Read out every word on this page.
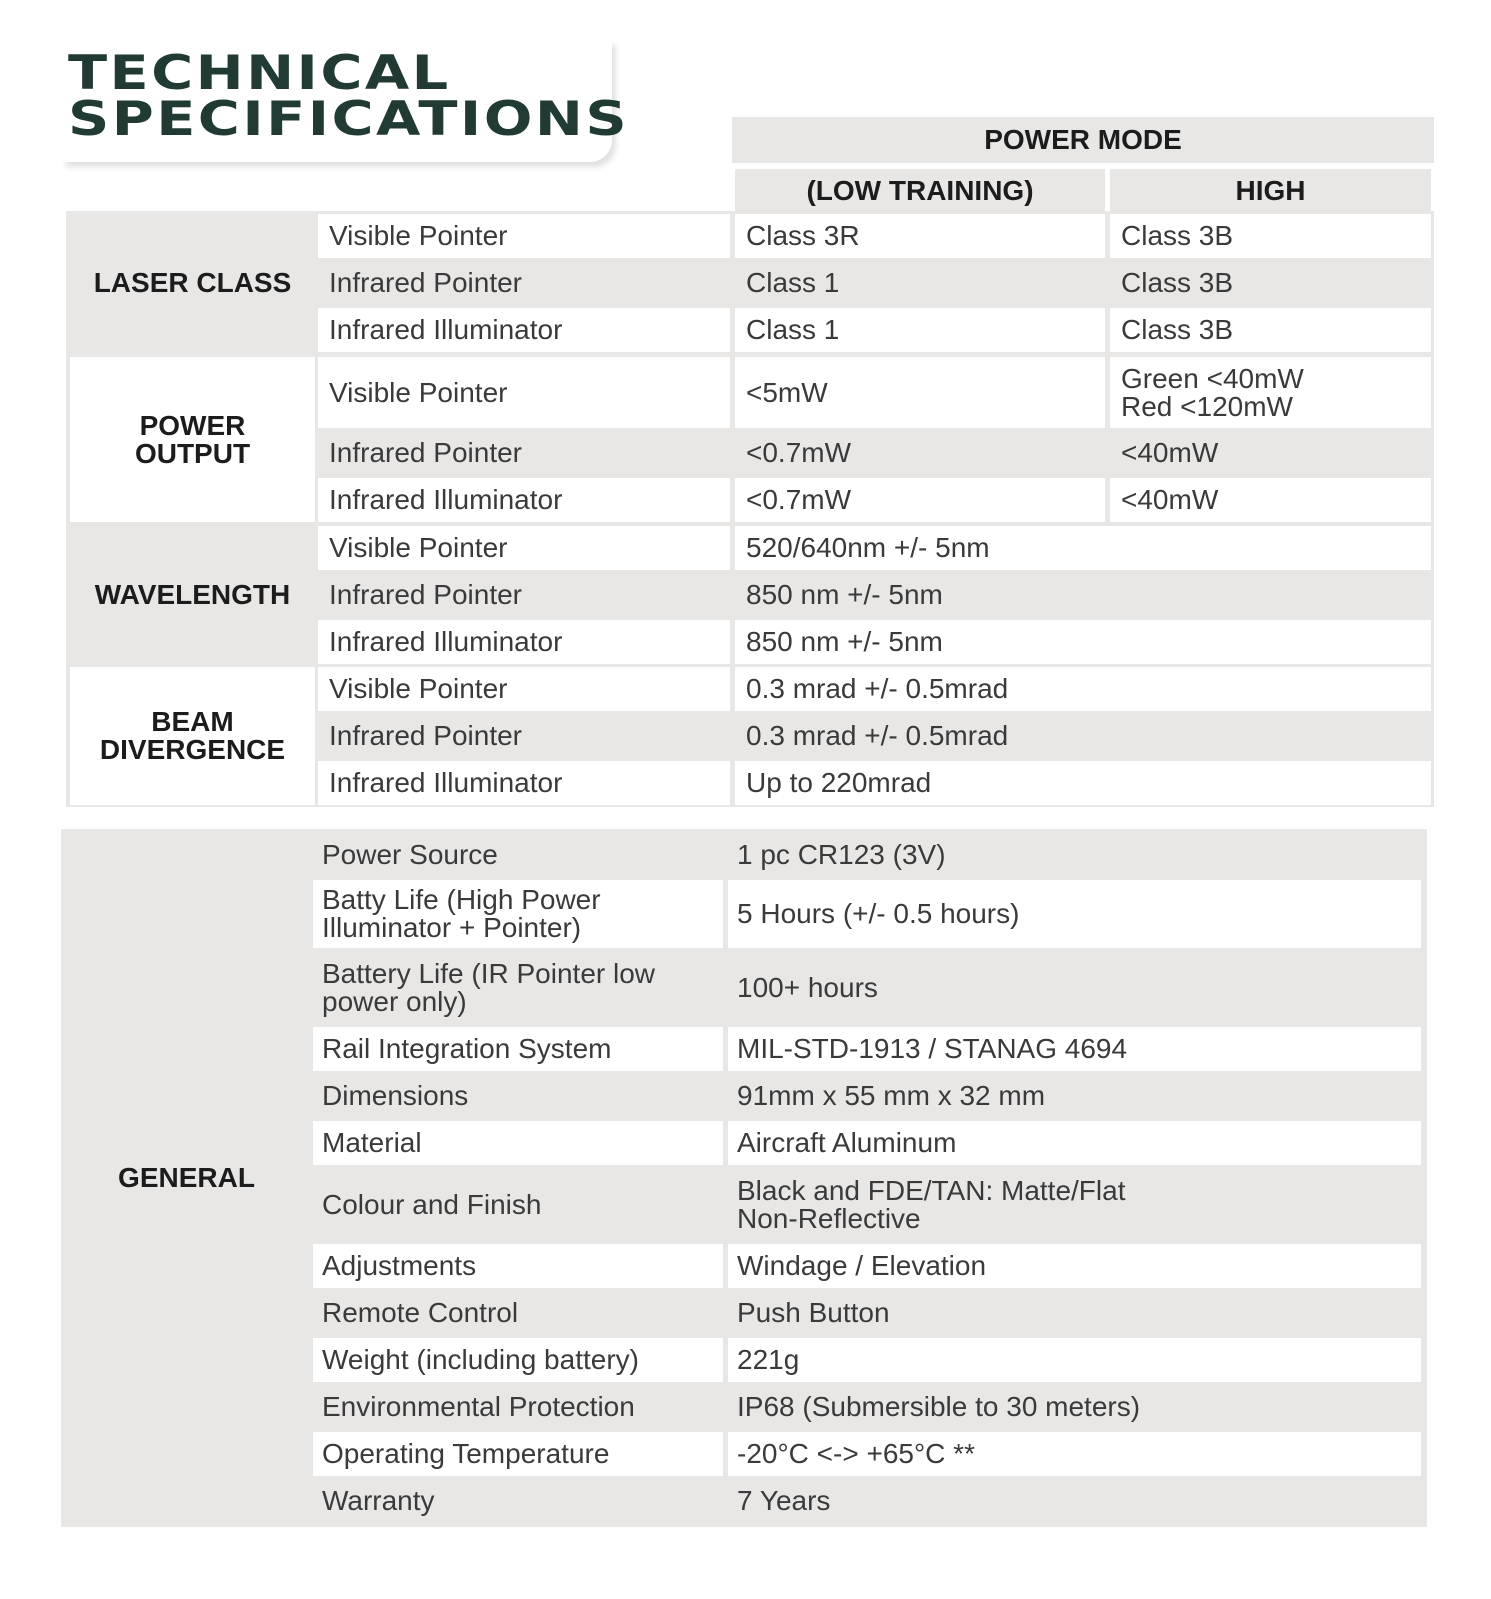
TECHNICAL
SPECIFICATIONS	POWER MODE
(LOW TRAINING)	HIGH
LASER CLASS
Visible Pointer	Class 3R	Class 3B
Infrared Pointer	Class 1	Class 3B
Infrared Illuminator	Class 1	Class 3B
POWER
OUTPUT
Visible Pointer	<5mW	Green <40mW
Red <120mW
Infrared Pointer	<0.7mW	<40mW
Infrared Illuminator	<0.7mW	<40mW
WAVELENGTH
Visible Pointer	520/640nm +/- 5nm
Infrared Pointer	850 nm +/- 5nm
Infrared Illuminator	850 nm +/- 5nm
BEAM
DIVERGENCE
Visible Pointer	0.3 mrad +/- 0.5mrad
Infrared Pointer	0.3 mrad +/- 0.5mrad
Infrared Illuminator	Up to 220mrad
Power Source	1 pc CR123 (3V)
Batty Life (High Power
Illuminator + Pointer)	5 Hours (+/- 0.5 hours)
Battery Life (IR Pointer low
power only)	100+ hours
Rail Integration System	MIL-STD-1913 / STANAG 4694
Dimensions	91mm x 55 mm x 32 mm
Material	Aircraft Aluminum
Colour and Finish	Black and FDE/TAN: Matte/Flat
Non-Reflective
Adjustments	Windage / Elevation
Remote Control	Push Button
Weight (including battery)	221g
Environmental Protection	IP68 (Submersible to 30 meters)
Operating Temperature	-20°C <-> +65°C **
Warranty	7 Years
GENERAL
